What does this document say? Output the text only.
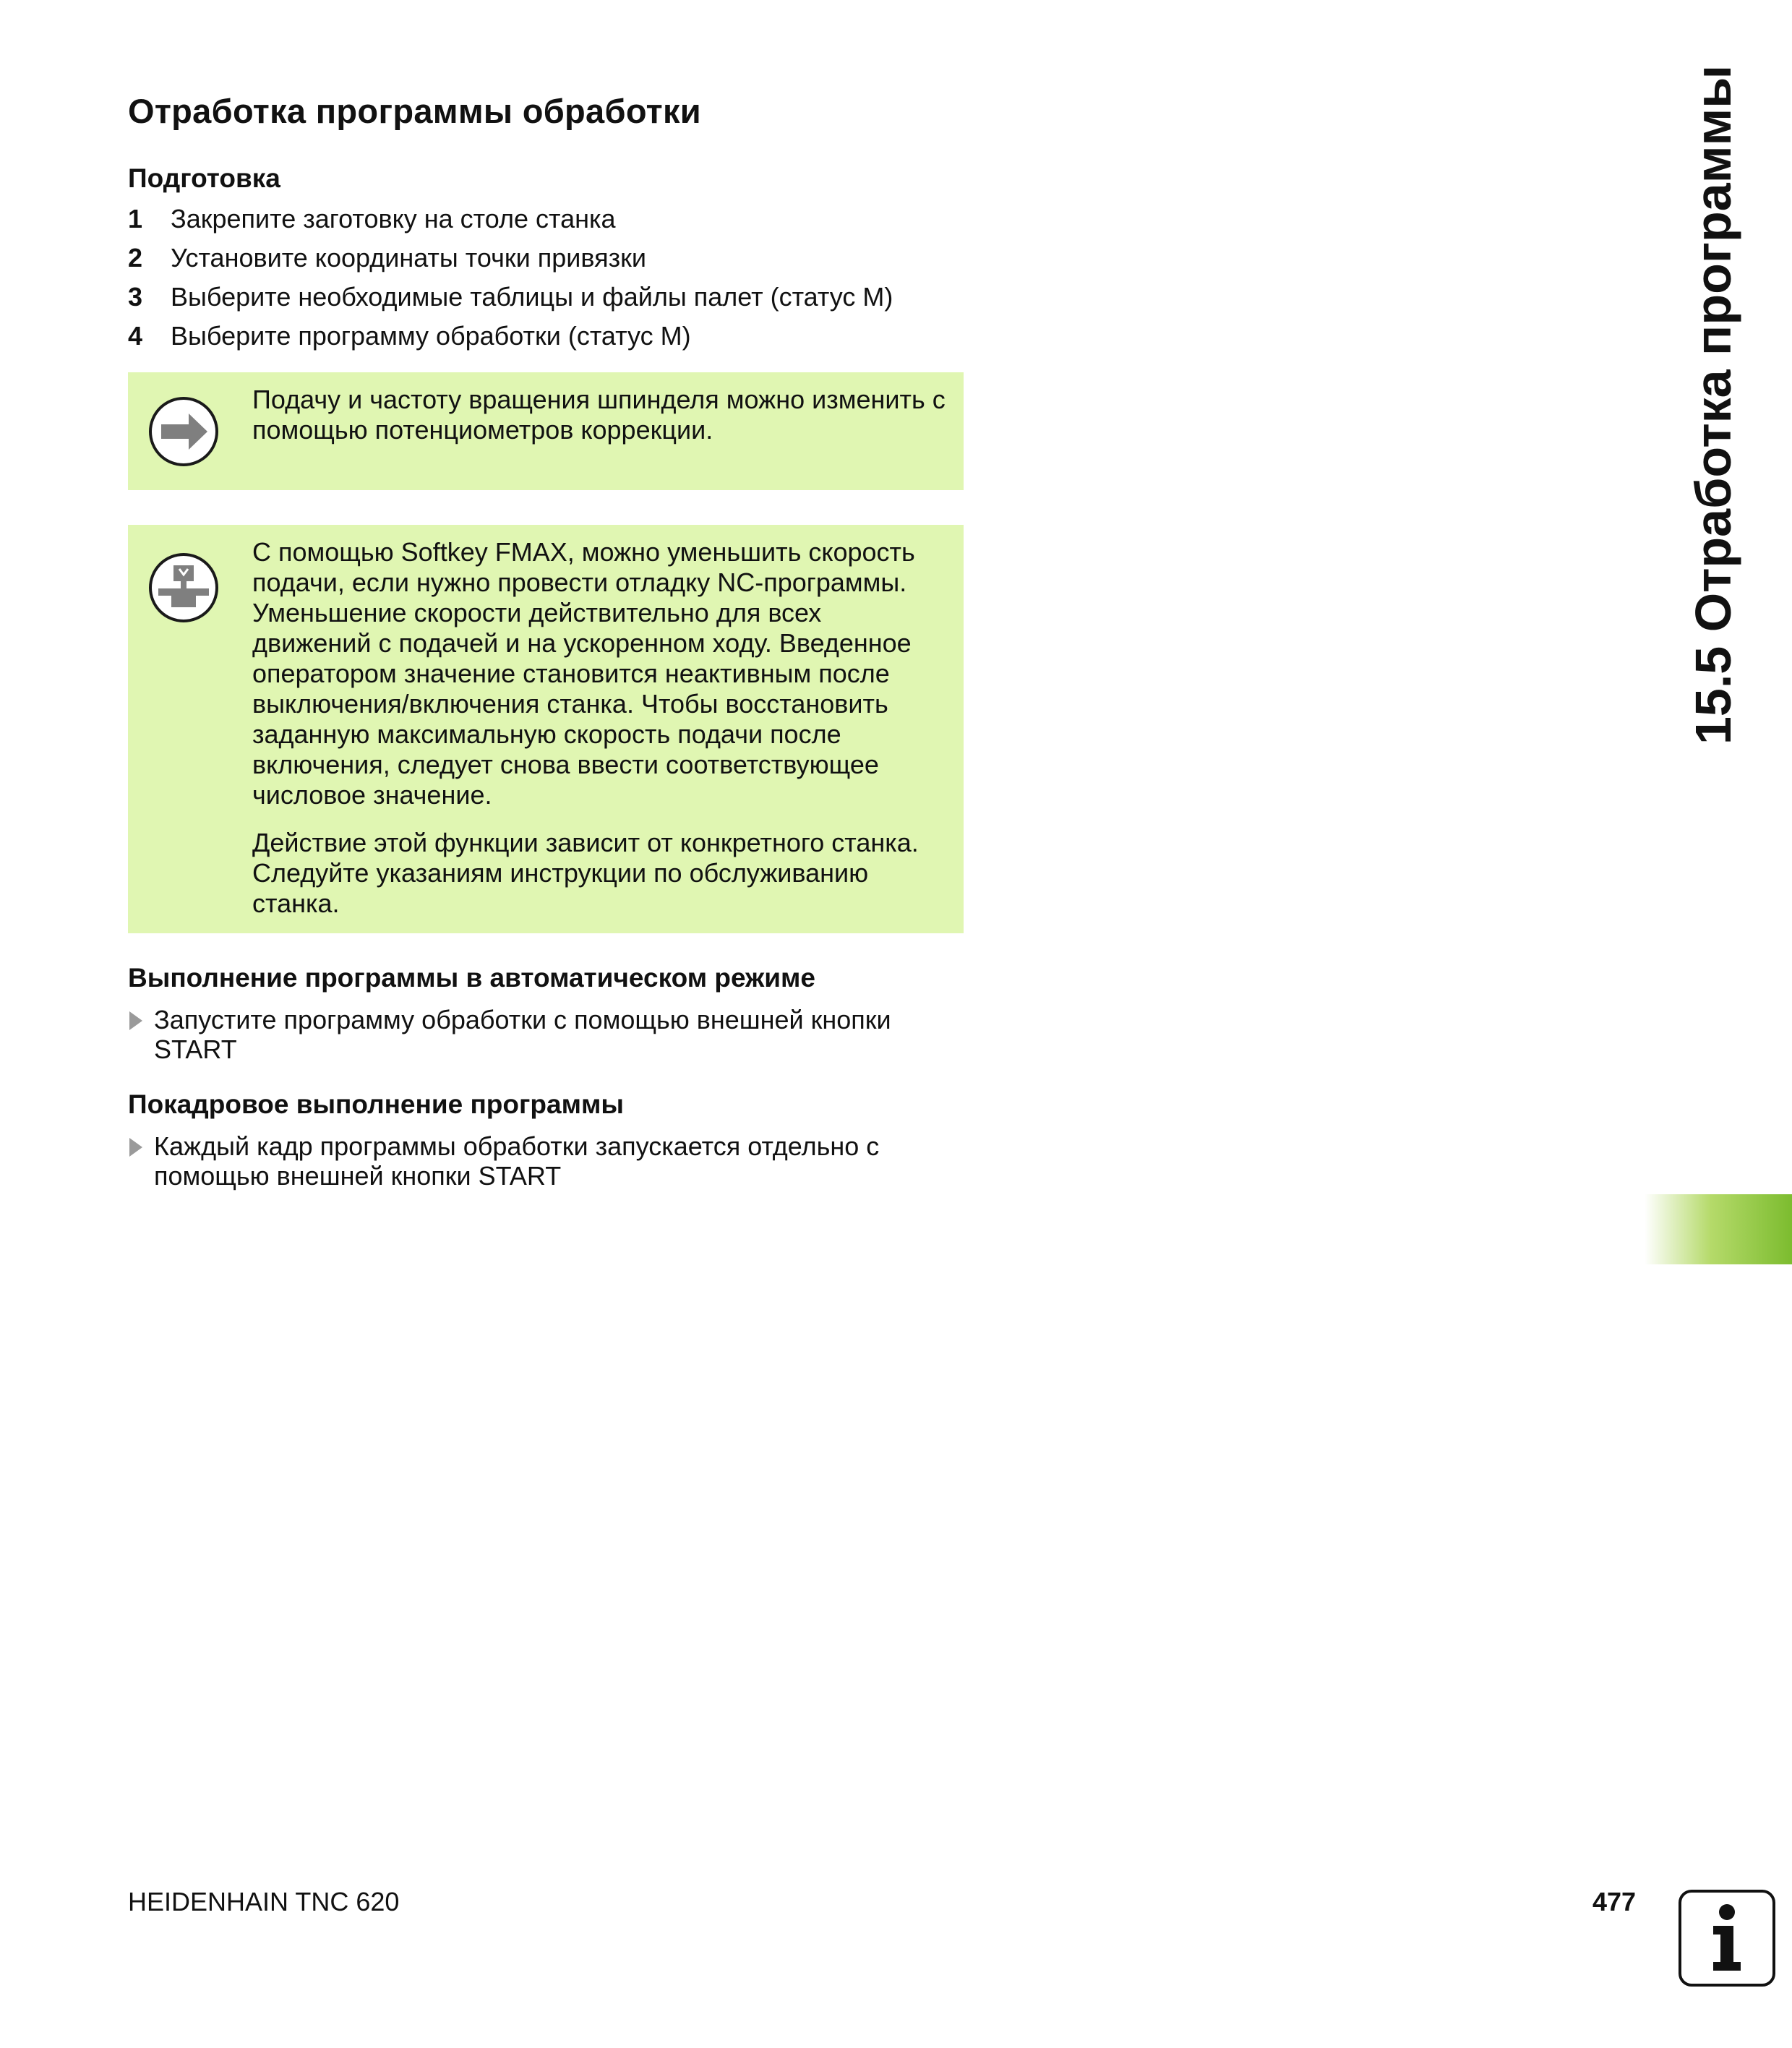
Отработка программы обработки
Подготовка
1	Закрепите заготовку на столе станка
2	Установите координаты точки привязки
3	Выберите необходимые таблицы и файлы палет (статус M)
4	Выберите программу обработки (статус M)
Подачу и частоту вращения шпинделя можно изменить с помощью потенциометров коррекции.

С помощью Softkey FMAX, можно уменьшить скорость подачи, если нужно провести отладку NC-программы. Уменьшение скорости действительно для всех движений с подачей и на ускоренном ходу. Введенное оператором значение становится неактивным после выключения/включения станка. Чтобы восстановить заданную максимальную скорость подачи после включения, следует снова ввести соответствующее числовое значение.

Действие этой функции зависит от конкретного станка. Следуйте указаниям инструкции по обслуживанию станка.

Выполнение программы в автоматическом режиме
Запустите программу обработки с помощью внешней кнопки START
Покадровое выполнение программы
Каждый кадр программы обработки запускается отдельно с помощью внешней кнопки START
15.5 Отработка программы
HEIDENHAIN TNC 620	477
